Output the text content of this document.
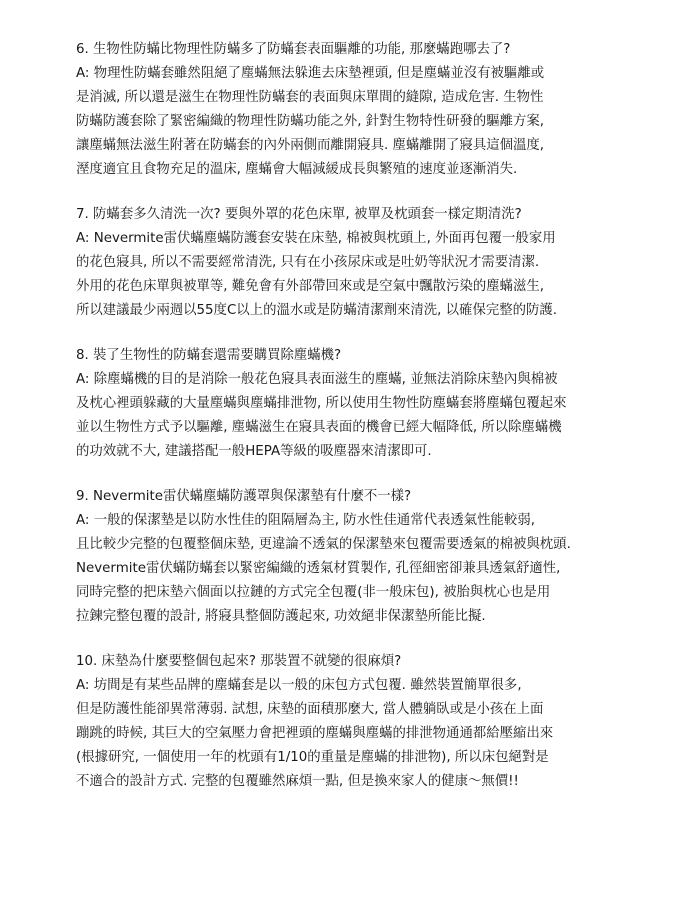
6. 生物性防蟎比物理性防蟎多了防蟎套表面驅離的功能, 那麼蟎跑哪去了?
A: 物理性防蟎套雖然阻絕了塵蟎無法躲進去床墊裡頭, 但是塵蟎並沒有被驅離或
是消滅, 所以還是滋生在物理性防蟎套的表面與床單間的縫隙, 造成危害. 生物性
防蟎防護套除了緊密編織的物理性防蟎功能之外, 針對生物特性研發的驅離方案,
讓塵蟎無法滋生附著在防蟎套的內外兩側而離開寢具. 塵蟎離開了寢具這個溫度,
溼度適宜且食物充足的溫床, 塵蟎會大幅減緩成長與繁殖的速度並逐漸消失.
7. 防蟎套多久清洗一次? 要與外罩的花色床單, 被單及枕頭套一樣定期清洗?
A: Nevermite雷伏蟎塵蟎防護套安裝在床墊, 棉被與枕頭上, 外面再包覆一般家用
的花色寢具, 所以不需要經常清洗, 只有在小孩尿床或是吐奶等狀況才需要清潔.
外用的花色床單與被單等, 難免會有外部帶回來或是空氣中飄散污染的塵蟎滋生,
所以建議最少兩週以55度C以上的溫水或是防蟎清潔劑來清洗, 以確保完整的防護.
8. 裝了生物性的防蟎套還需要購買除塵蟎機?
A: 除塵蟎機的目的是消除一般花色寢具表面滋生的塵蟎, 並無法消除床墊內與棉被
及枕心裡頭躲藏的大量塵蟎與塵蟎排泄物, 所以使用生物性防塵蟎套將塵蟎包覆起來
並以生物性方式予以驅離, 塵蟎滋生在寢具表面的機會已經大幅降低, 所以除塵蟎機
的功效就不大, 建議搭配一般HEPA等級的吸塵器來清潔即可.
9. Nevermite雷伏蟎塵蟎防護罩與保潔墊有什麼不一樣?
A: 一般的保潔墊是以防水性佳的阻隔層為主, 防水性佳通常代表透氣性能較弱,
且比較少完整的包覆整個床墊, 更違論不透氣的保潔墊來包覆需要透氣的棉被與枕頭.
Nevermite雷伏蟎防蟎套以緊密編織的透氣材質製作, 孔徑細密卻兼具透氣舒適性,
同時完整的把床墊六個面以拉鏈的方式完全包覆(非一般床包), 被胎與枕心也是用
拉鍊完整包覆的設計, 將寢具整個防護起來, 功效絕非保潔墊所能比擬.
10. 床墊為什麼要整個包起來? 那裝置不就變的很麻煩?
A: 坊間是有某些品牌的塵蟎套是以一般的床包方式包覆. 雖然裝置簡單很多,
但是防護性能卻異常薄弱. 試想, 床墊的面積那麼大, 當人體躺臥或是小孩在上面
蹦跳的時候, 其巨大的空氣壓力會把裡頭的塵蟎與塵蟎的排泄物通通都給壓縮出來
(根據研究, 一個使用一年的枕頭有1/10的重量是塵蟎的排泄物), 所以床包絕對是
不適合的設計方式. 完整的包覆雖然麻煩一點, 但是換來家人的健康～無價!!
